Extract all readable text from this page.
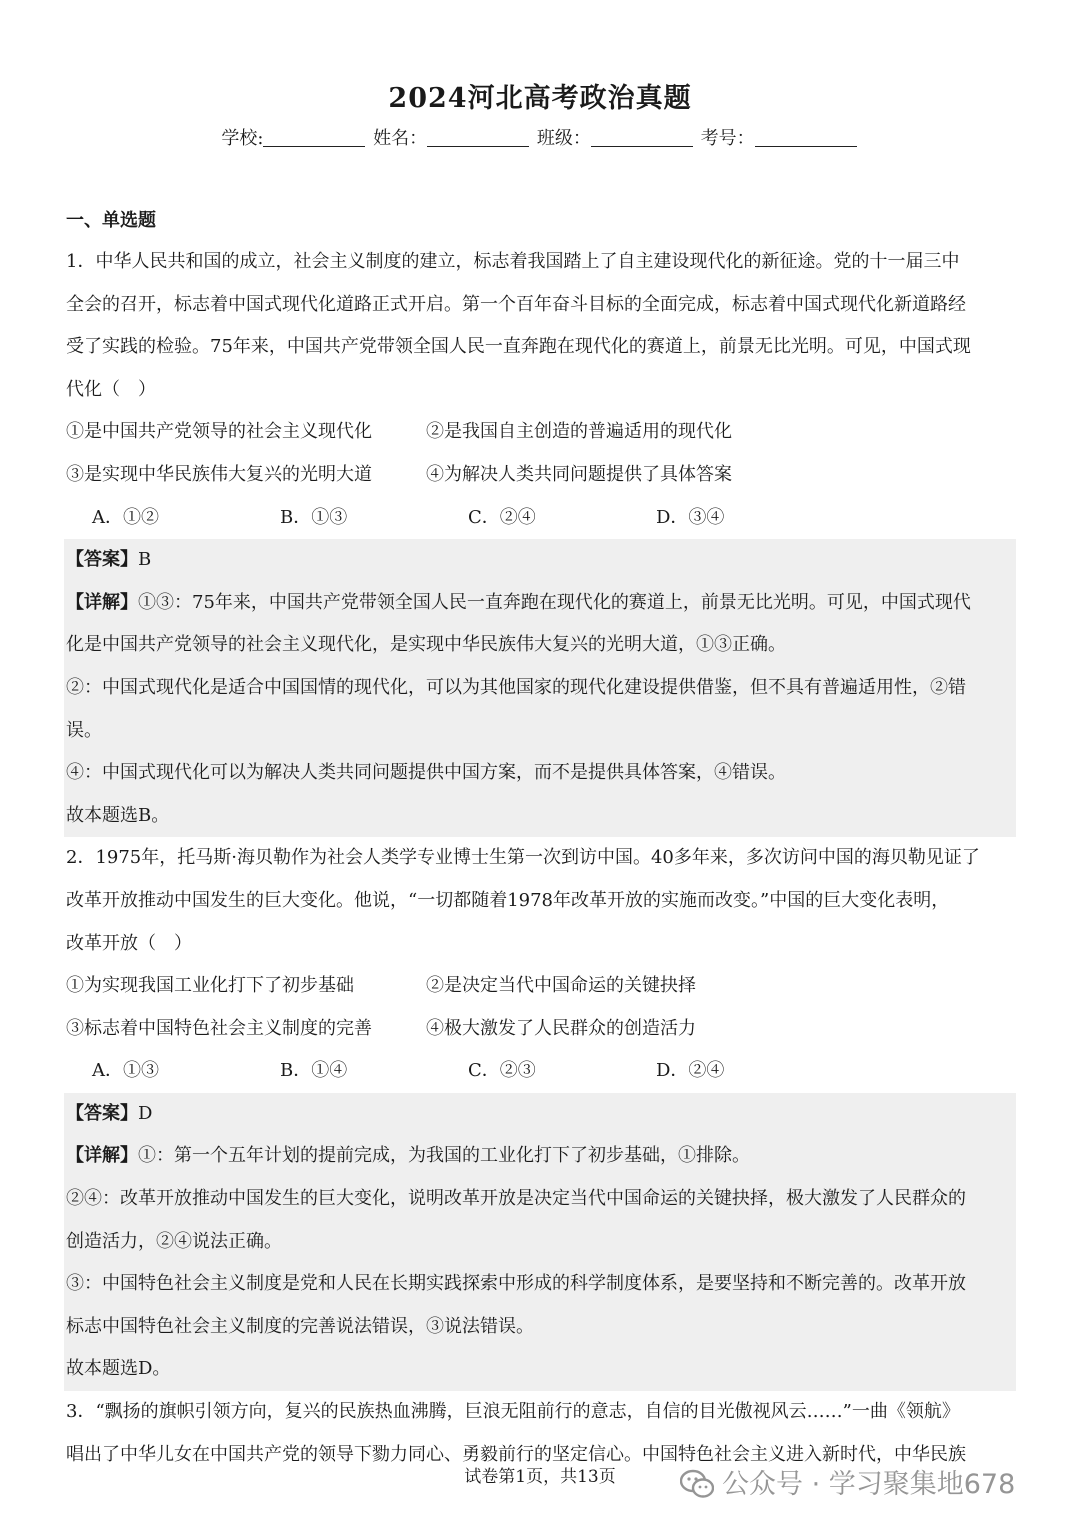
2024河北高考政治真题
学校:	姓名：	班级：	考号：
一、单选题
1．中华人民共和国的成立，社会主义制度的建立，标志着我国踏上了自主建设现代化的新征途。党的十一届三中
全会的召开，标志着中国式现代化道路正式开启。第一个百年奋斗目标的全面完成，标志着中国式现代化新道路经
受了实践的检验。75年来，中国共产党带领全国人民一直奔跑在现代化的赛道上，前景无比光明。可见，中国式现
代化（　）
①是中国共产党领导的社会主义现代化	②是我国自主创造的普遍适用的现代化
③是实现中华民族伟大复兴的光明大道	④为解决人类共同问题提供了具体答案
A．①②	B．①③	C．②④	D．③④
【答案】B
【详解】①③：75年来，中国共产党带领全国人民一直奔跑在现代化的赛道上，前景无比光明。可见，中国式现代
化是中国共产党领导的社会主义现代化，是实现中华民族伟大复兴的光明大道，①③正确。
②：中国式现代化是适合中国国情的现代化，可以为其他国家的现代化建设提供借鉴，但不具有普遍适用性，②错
误。
④：中国式现代化可以为解决人类共同问题提供中国方案，而不是提供具体答案，④错误。
故本题选B。
2．1975年，托马斯·海贝勒作为社会人类学专业博士生第一次到访中国。40多年来，多次访问中国的海贝勒见证了
改革开放推动中国发生的巨大变化。他说，“一切都随着1978年改革开放的实施而改变。”中国的巨大变化表明，
改革开放（　）
①为实现我国工业化打下了初步基础	②是决定当代中国命运的关键抉择
③标志着中国特色社会主义制度的完善	④极大激发了人民群众的创造活力
A．①③	B．①④	C．②③	D．②④
【答案】D
【详解】①：第一个五年计划的提前完成，为我国的工业化打下了初步基础，①排除。
②④：改革开放推动中国发生的巨大变化，说明改革开放是决定当代中国命运的关键抉择，极大激发了人民群众的
创造活力，②④说法正确。
③：中国特色社会主义制度是党和人民在长期实践探索中形成的科学制度体系，是要坚持和不断完善的。改革开放
标志中国特色社会主义制度的完善说法错误，③说法错误。
故本题选D。
3．“飘扬的旗帜引领方向，复兴的民族热血沸腾，巨浪无阻前行的意志，自信的目光傲视风云……”一曲《领航》
唱出了中华儿女在中国共产党的领导下勠力同心、勇毅前行的坚定信心。中国特色社会主义进入新时代，中华民族
试卷第1页，共13页	公众号 · 学习聚集地678
